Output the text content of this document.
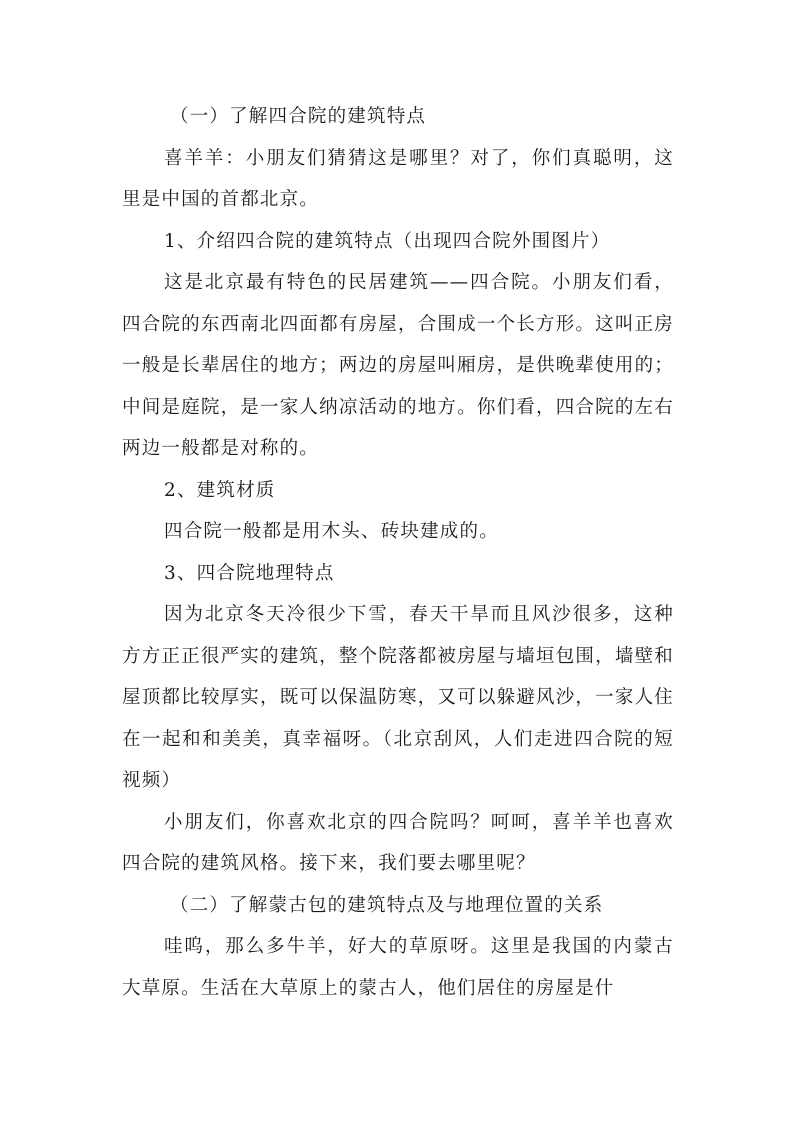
（一）了解四合院的建筑特点

喜羊羊：小朋友们猜猜这是哪里？对了，你们真聪明，这里是中国的首都北京。

1、介绍四合院的建筑特点（出现四合院外围图片）

这是北京最有特色的民居建筑——四合院。小朋友们看，四合院的东西南北四面都有房屋，合围成一个长方形。这叫正房一般是长辈居住的地方；两边的房屋叫厢房，是供晚辈使用的；中间是庭院，是一家人纳凉活动的地方。你们看，四合院的左右两边一般都是对称的。

2、建筑材质

四合院一般都是用木头、砖块建成的。

3、四合院地理特点

因为北京冬天冷很少下雪，春天干旱而且风沙很多，这种方方正正很严实的建筑，整个院落都被房屋与墙垣包围，墙壁和屋顶都比较厚实，既可以保温防寒，又可以躲避风沙，一家人住在一起和和美美，真幸福呀。（北京刮风，人们走进四合院的短视频）

小朋友们，你喜欢北京的四合院吗？呵呵，喜羊羊也喜欢四合院的建筑风格。接下来，我们要去哪里呢？

（二）了解蒙古包的建筑特点及与地理位置的关系

哇呜，那么多牛羊，好大的草原呀。这里是我国的内蒙古大草原。生活在大草原上的蒙古人，他们居住的房屋是什
